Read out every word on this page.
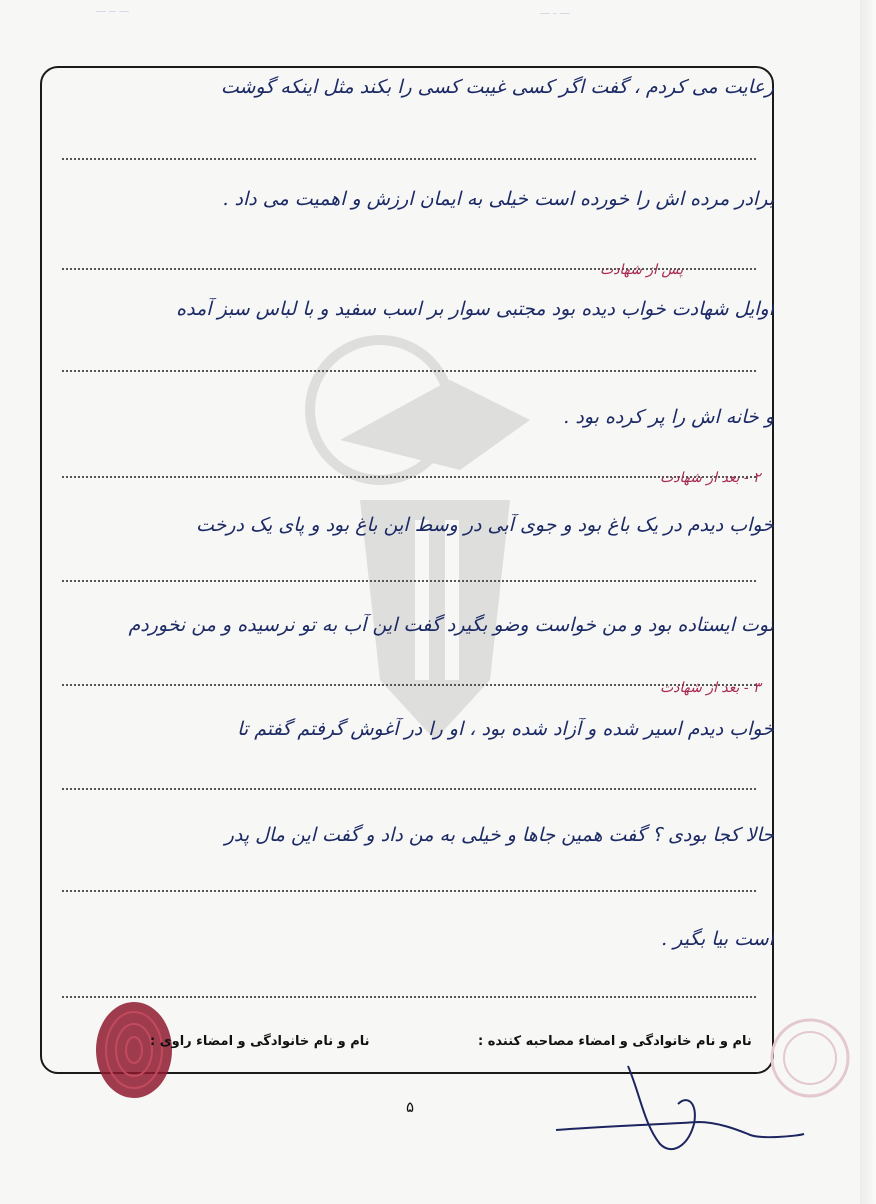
ـــ ــ ـــ	ـــ ـ ـــ
رعایت می کردم ، گفت اگر کسی غیبت کسی را بکند مثل اینکه گوشت
برادر مرده اش را خورده است خیلی به ایمان ارزش و اهمیت می داد .
پس از شهادت
اوایل شهادت خواب دیده بود مجتبی سوار بر اسب سفید و با لباس سبز آمده
و خانه اش را پر کرده بود .
۲ - بعد از شهادت
خواب دیدم در یک باغ بود و جوی آبی در وسط این باغ بود و پای یک درخت
توت ایستاده بود و من خواست وضو بگیرد گفت این آب به تو نرسیده و من نخوردم
۳ - بعد از شهادت
خواب دیدم اسیر شده و آزاد شده بود ، او را در آغوش گرفتم گفتم تا
حالا کجا بودی ؟ گفت همین جاها و خیلی به من داد و گفت این مال پدر
است بیا بگیر .
نام و نام خانوادگی و امضاء مصاحبه کننده :
نام و نام خانوادگی و امضاء راوی :
۵
